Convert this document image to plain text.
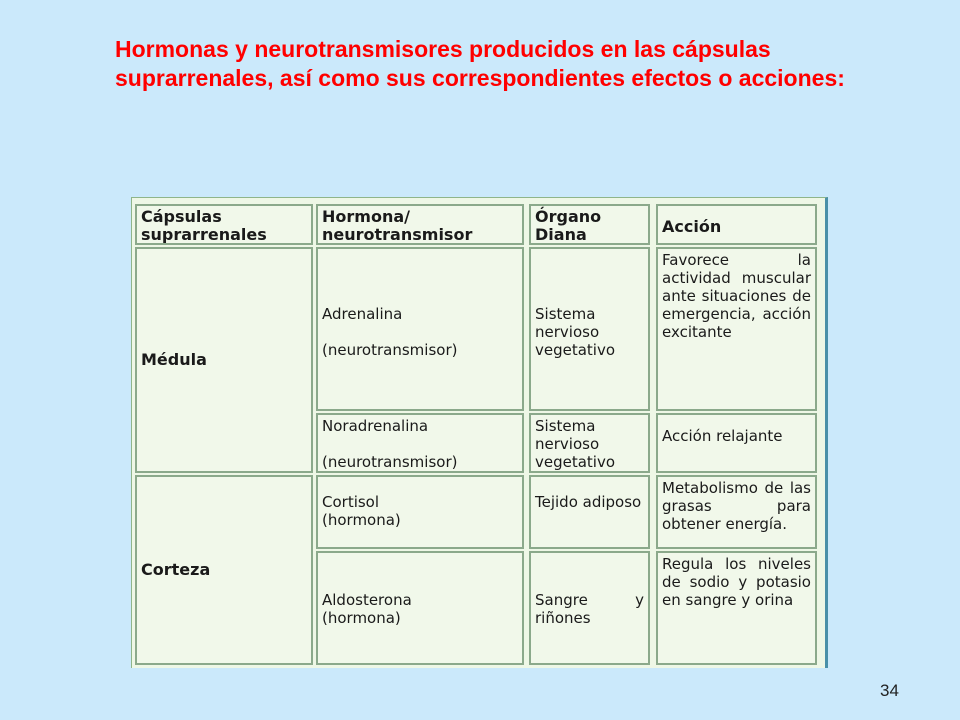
Hormonas y neurotransmisores producidos en las cápsulas suprarrenales, así como sus correspondientes efectos o acciones:
Cápsulas suprarrenales
Hormona/ neurotransmisor
Órgano Diana	Acción
Médula
Corteza
Adrenalina
(neurotransmisor)
Sistema nervioso vegetativo
Favorece la actividad muscular ante situaciones de emergencia, acción excitante
Noradrenalina
(neurotransmisor)
Sistema nervioso vegetativo
Acción relajante
Cortisol
(hormona)
Tejido adiposo
Metabolismo de las grasas para obtener energía.
Aldosterona
(hormona)
Sangre y riñones
Regula los niveles de sodio y potasio en sangre y orina
34
